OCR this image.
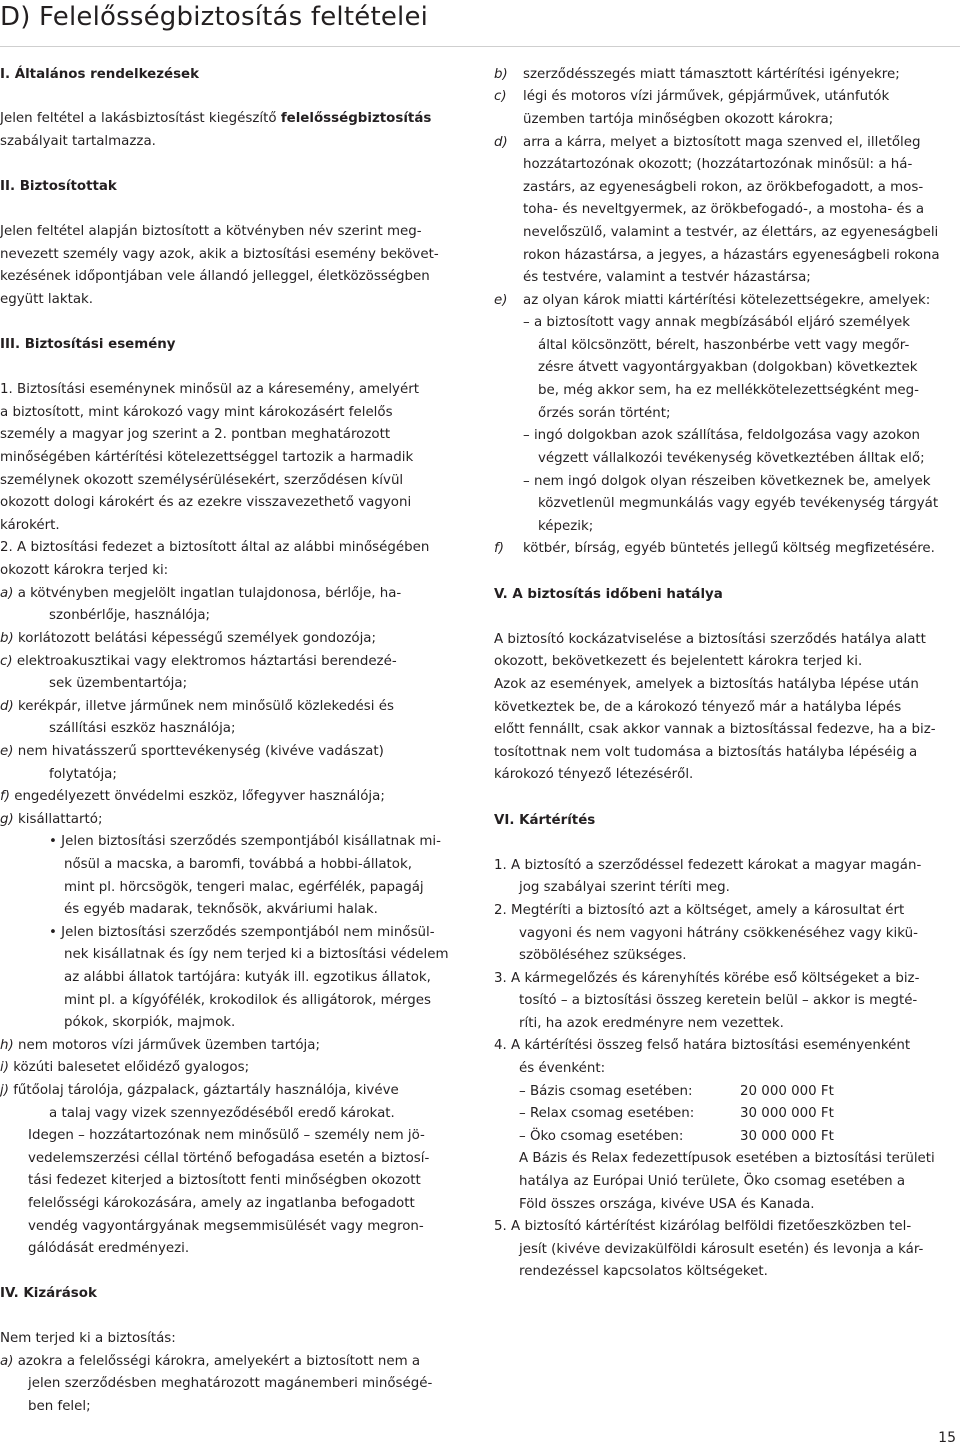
D) Felelősségbiztosítás feltételei
I. Általános rendelkezések
Jelen feltétel a lakásbiztosítást kiegészítő felelősségbiztosítás
szabályait tartalmazza.
II. Biztosítottak
Jelen feltétel alapján biztosított a kötvényben név szerint meg-
nevezett személy vagy azok, akik a biztosítási esemény bekövet-
kezésének időpontjában vele állandó jelleggel, életközösségben
együtt laktak.
III. Biztosítási esemény
1. Biztosítási eseménynek minősül az a káresemény, amelyért
a biztosított, mint károkozó vagy mint károkozásért felelős
személy a magyar jog szerint a 2. pontban meghatározott
minőségében kártérítési kötelezettséggel tartozik a harmadik
személynek okozott személysérülésekért, szerződésen kívül
okozott dologi károkért és az ezekre visszavezethető vagyoni
károkért.
2. A biztosítási fedezet a biztosított által az alábbi minőségében
okozott károkra terjed ki:
a) a kötvényben megjelölt ingatlan tulajdonosa, bérlője, ha-
szonbérlője, használója;
b) korlátozott belátási képességű személyek gondozója;
c) elektroakusztikai vagy elektromos háztartási berendezé-
sek üzembentartója;
d) kerékpár, illetve járműnek nem minősülő közlekedési és
szállítási eszköz használója;
e) nem hivatásszerű sporttevékenység (kivéve vadászat)
folytatója;
f) engedélyezett önvédelmi eszköz, lőfegyver használója;
g) kisállattartó;
• Jelen biztosítási szerződés szempontjából kisállatnak mi-
nősül a macska, a baromfi, továbbá a hobbi-állatok,
mint pl. hörcsögök, tengeri malac, egérfélék, papagáj
és egyéb madarak, teknősök, akváriumi halak.
• Jelen biztosítási szerződés szempontjából nem minősül-
nek kisállatnak és így nem terjed ki a biztosítási védelem
az alábbi állatok tartójára: kutyák ill. egzotikus állatok,
mint pl. a kígyófélék, krokodilok és alligátorok, mérges
pókok, skorpiók, majmok.
h) nem motoros vízi járművek üzemben tartója;
i) közúti balesetet előidéző gyalogos;
j) fűtőolaj tárolója, gázpalack, gáztartály használója, kivéve
a talaj vagy vizek szennyeződéséből eredő károkat.
Idegen – hozzátartozónak nem minősülő – személy nem jö-
vedelemszerzési céllal történő befogadása esetén a biztosí-
tási fedezet kiterjed a biztosított fenti minőségben okozott
felelősségi károkozására, amely az ingatlanba befogadott
vendég vagyontárgyának megsemmisülését vagy megron-
gálódását eredményezi.
IV. Kizárások
Nem terjed ki a biztosítás:
a) azokra a felelősségi károkra, amelyekért a biztosított nem a
jelen szerződésben meghatározott magánemberi minőségé-
ben felel;
b) szerződésszegés miatt támasztott kártérítési igényekre;
c) légi és motoros vízi járművek, gépjárművek, utánfutók
üzemben tartója minőségben okozott károkra;
d) arra a kárra, melyet a biztosított maga szenved el, illetőleg
hozzátartozónak okozott; (hozzátartozónak minősül: a há-
zastárs, az egyeneságbeli rokon, az örökbefogadott, a mos-
toha- és neveltgyermek, az örökbefogadó-, a mostoha- és a
nevelőszülő, valamint a testvér, az élettárs, az egyeneságbeli
rokon házastársa, a jegyes, a házastárs egyeneságbeli rokona
és testvére, valamint a testvér házastársa;
e) az olyan károk miatti kártérítési kötelezettségekre, amelyek:
– a biztosított vagy annak megbízásából eljáró személyek
által kölcsönzött, bérelt, haszonbérbe vett vagy megőr-
zésre átvett vagyontárgyakban (dolgokban) következtek
be, még akkor sem, ha ez mellékkötelezettségként meg-
őrzés során történt;
– ingó dolgokban azok szállítása, feldolgozása vagy azokon
végzett vállalkozói tevékenység következtében álltak elő;
– nem ingó dolgok olyan részeiben következnek be, amelyek
közvetlenül megmunkálás vagy egyéb tevékenység tárgyát
képezik;
f) kötbér, bírság, egyéb büntetés jellegű költség megfizetésére.
V. A biztosítás időbeni hatálya
A biztosító kockázatviselése a biztosítási szerződés hatálya alatt
okozott, bekövetkezett és bejelentett károkra terjed ki.
Azok az események, amelyek a biztosítás hatályba lépése után
következtek be, de a károkozó tényező már a hatályba lépés
előtt fennállt, csak akkor vannak a biztosítással fedezve, ha a biz-
tosítottnak nem volt tudomása a biztosítás hatályba lépéséig a
károkozó tényező létezéséről.
VI. Kártérítés
1. A biztosító a szerződéssel fedezett károkat a magyar magán-
jog szabályai szerint téríti meg.
2. Megtéríti a biztosító azt a költséget, amely a károsultat ért
vagyoni és nem vagyoni hátrány csökkenéséhez vagy kikü-
szöböléséhez szükséges.
3. A kármegelőzés és kárenyhítés körébe eső költségeket a biz-
tosító – a biztosítási összeg keretein belül – akkor is megté-
ríti, ha azok eredményre nem vezettek.
4. A kártérítési összeg felső határa biztosítási eseményenként
és évenként:
– Bázis csomag esetében:	20 000 000 Ft
– Relax csomag esetében:	30 000 000 Ft
– Öko csomag esetében:	30 000 000 Ft
A Bázis és Relax fedezettípusok esetében a biztosítási területi
hatálya az Európai Unió területe, Öko csomag esetében a
Föld összes országa, kivéve USA és Kanada.
5. A biztosító kártérítést kizárólag belföldi fizetőeszközben tel-
jesít (kivéve devizakülföldi károsult esetén) és levonja a kár-
rendezéssel kapcsolatos költségeket.
15
